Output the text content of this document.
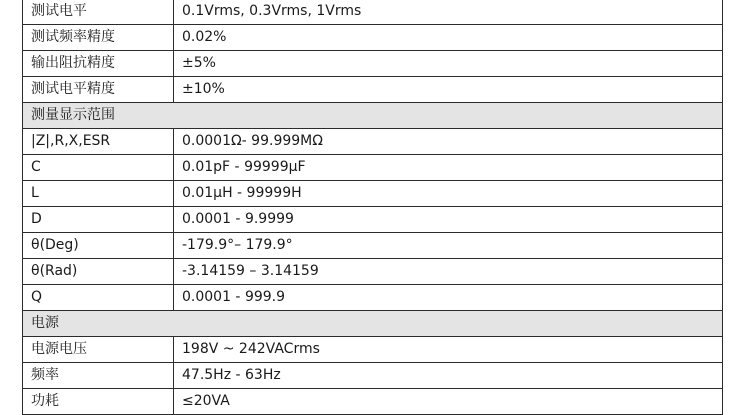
测试电平	0.1Vrms, 0.3Vrms, 1Vrms
测试频率精度	0.02%
输出阻抗精度	±5%
测试电平精度	±10%
测量显示范围	
|Z|,R,X,ESR	0.0001Ω- 99.999MΩ
C	0.01pF - 99999μF
L	0.01μH - 99999H
D	0.0001 - 9.9999
θ(Deg)	-179.9°– 179.9°
θ(Rad)	-3.14159 – 3.14159
Q	0.0001 - 999.9
电源	
电源电压	198V ~ 242VACrms
频率	47.5Hz - 63Hz
功耗	≤20VA
